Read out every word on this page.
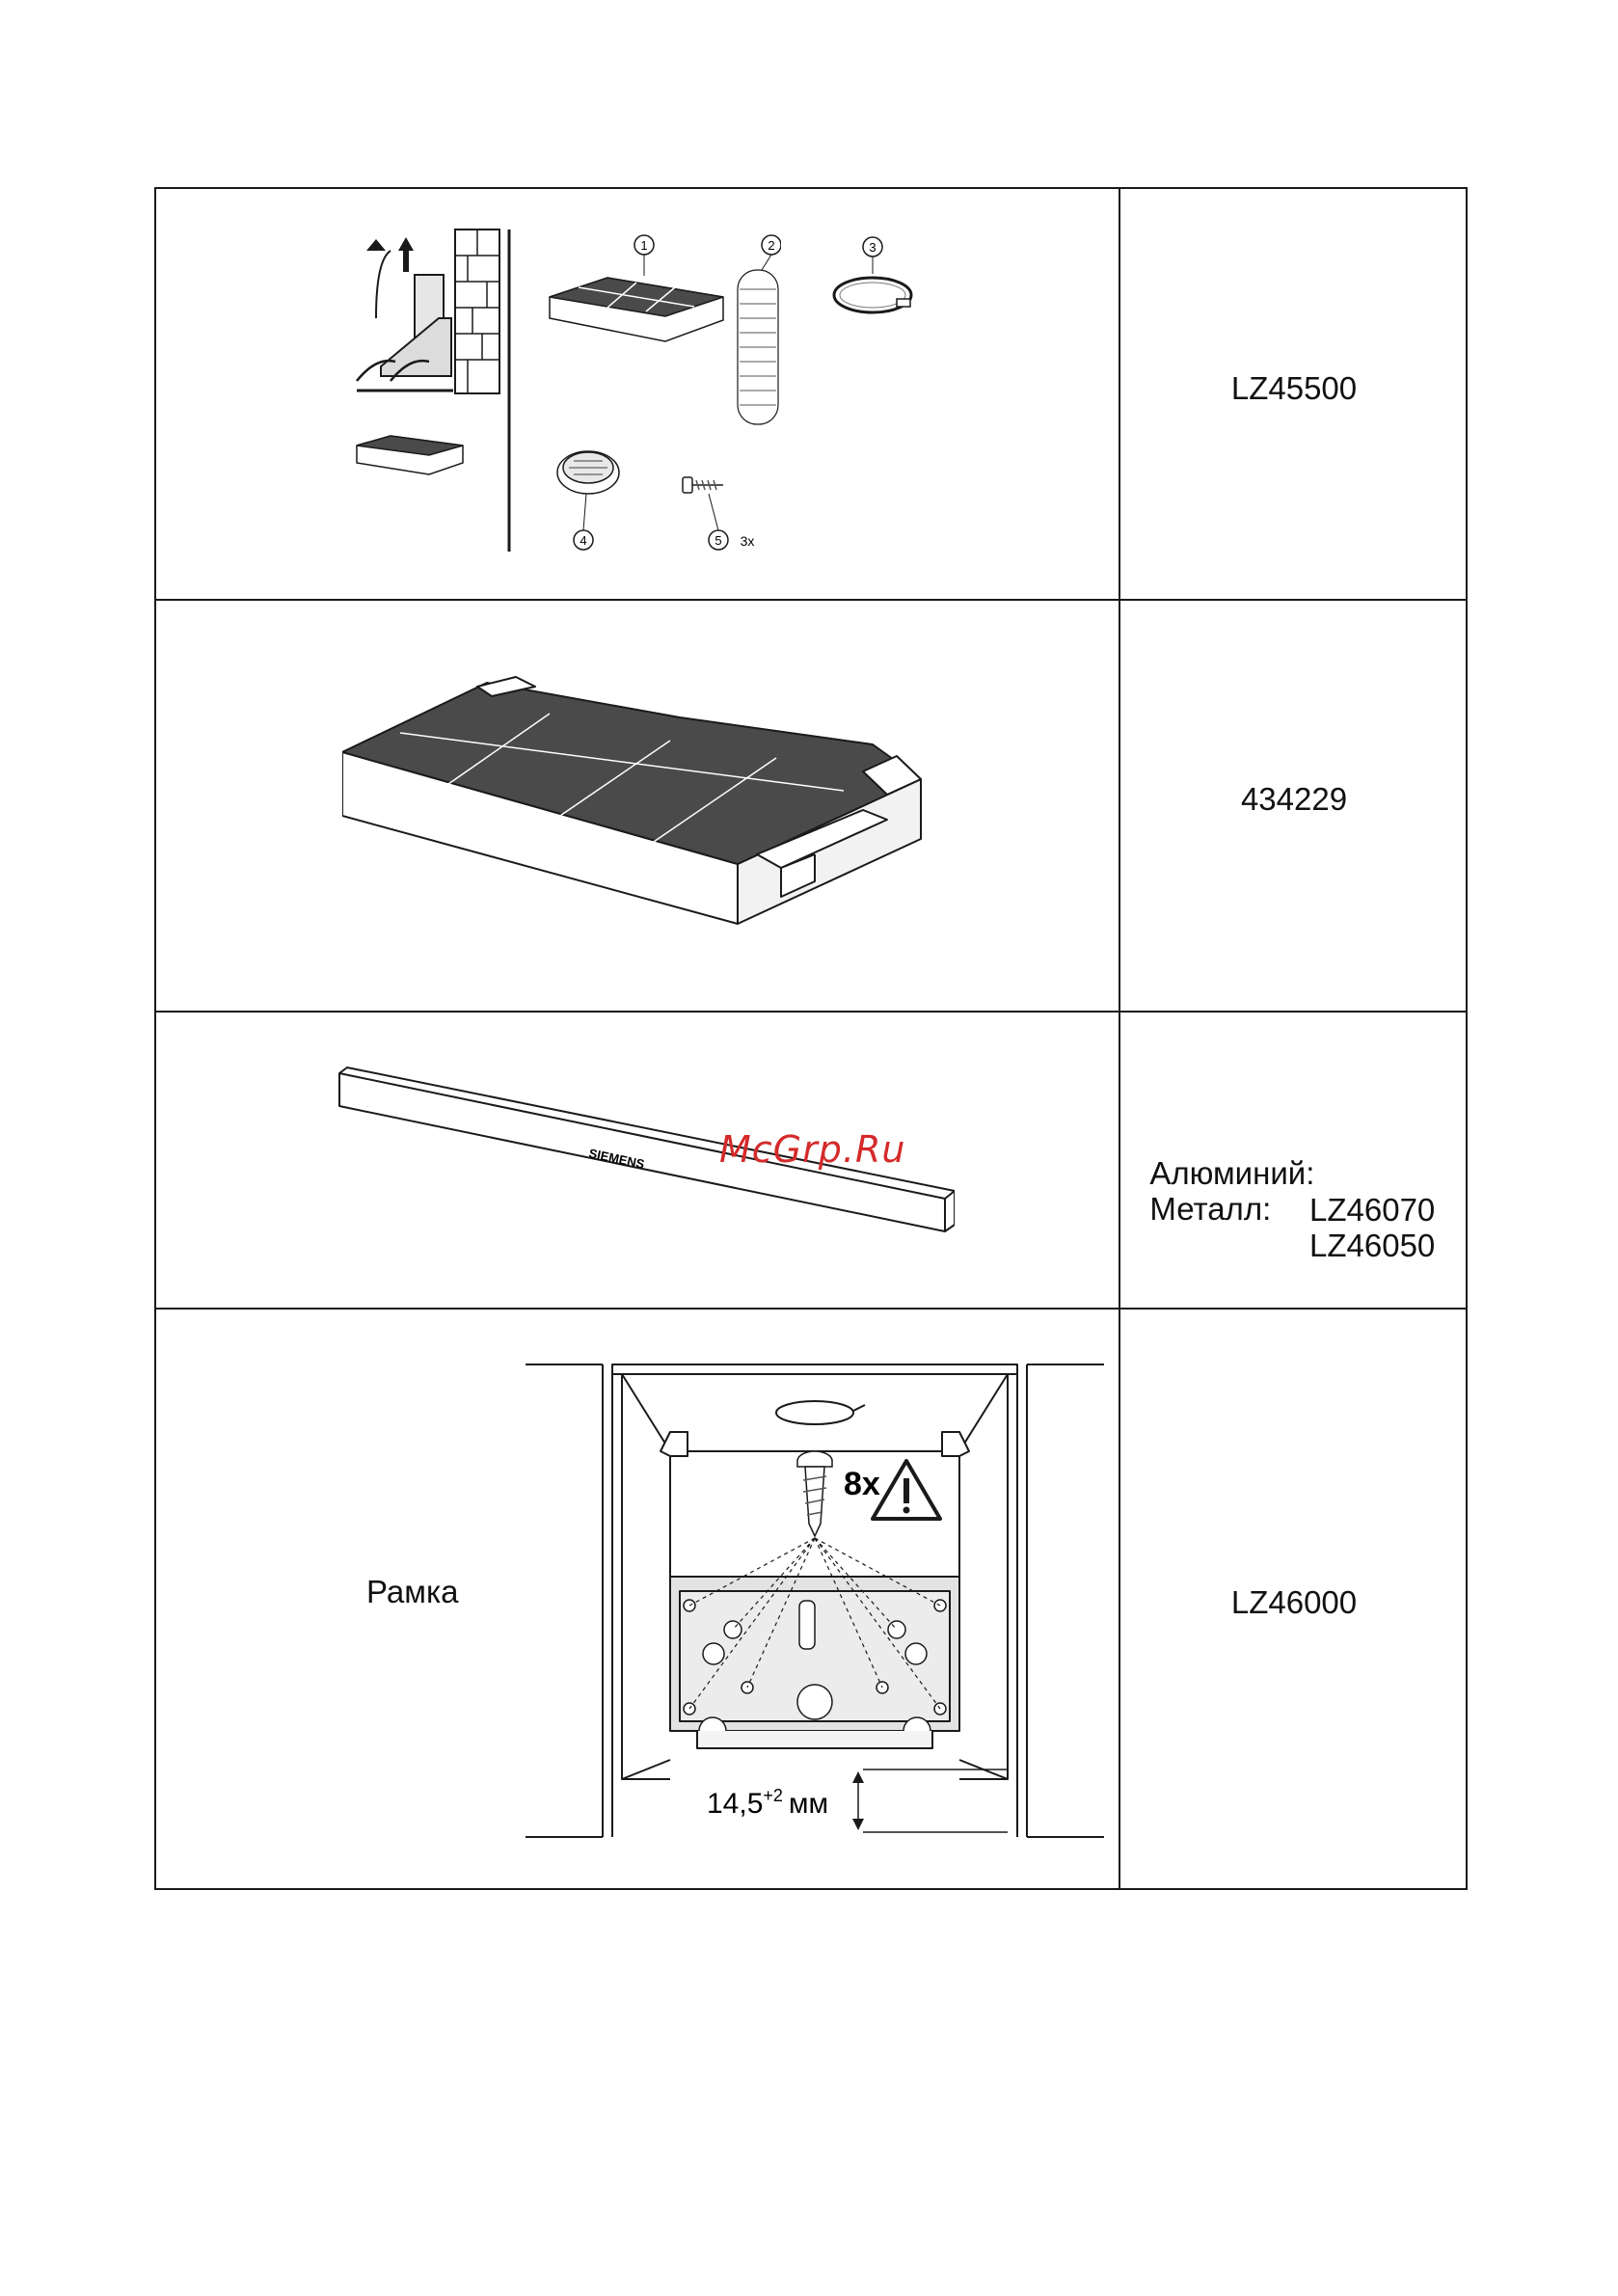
1	2
4	5 3x
3
LZ45500
434229
SIEMENS McGrp.Ru

Алюминий:

LZ46070

Металл:

LZ46050

Рамка
8x
$14,5^{+2}$ мм
LZ46000
